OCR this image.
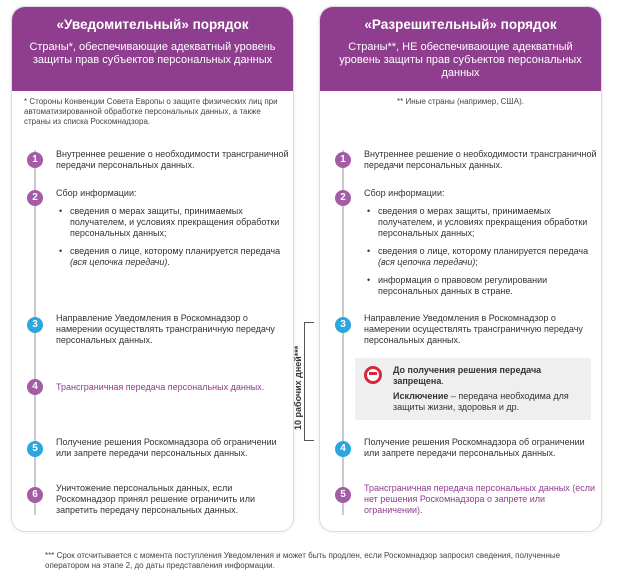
«Уведомительный» порядок
Страны*, обеспечивающие адекватный уровень защиты прав субъектов персональных данных
* Стороны Конвенции Совета Европы о защите физических лиц при автоматизированной обработке персональных данных, а также страны из списка Роскомнадзора.
1	Внутреннее решение о необходимости трансграничной передачи персональных данных.
2	Сбор информации:
• сведения о мерах защиты, принимаемых получателем, и условиях прекращения обработки персональных данных;
• сведения о лице, которому планируется передача (вся цепочка передачи).
3
Направление Уведомления в Роскомнадзор о намерении осуществлять трансграничную передачу персональных данных.
4	Трансграничная передача персональных данных.
5
Получение решения Роскомнадзора об ограничении или запрете передачи персональных данных.
6
Уничтожение персональных данных, если Роскомнадзор принял решение ограничить или запретить передачу персональных данных.
«Разрешительный» порядок
Страны**, НЕ обеспечивающие адекватный уровень защиты прав субъектов персональных данных
** Иные страны (например, США).
1	Внутреннее решение о необходимости трансграничной передачи персональных данных.
2	Сбор информации:
• сведения о мерах защиты, принимаемых получателем, и условиях прекращения обработки персональных данных;
• сведения о лице, которому планируется передача (вся цепочка передачи);
• информация о правовом регулировании персональных данных в стране.
3
Направление Уведомления в Роскомнадзор о намерении осуществлять трансграничную передачу персональных данных.
4
Получение решения Роскомнадзора об ограничении или запрете передачи персональных данных.
5
Трансграничная передача персональных данных (если нет решения Роскомнадзора о запрете или ограничении).
До получения решения передача запрещена.
Исключение – передача необходима для защиты жизни, здоровья и др.
10 рабочих дней***
*** Срок отсчитывается с момента поступления Уведомления и может быть продлен, если Роскомнадзор запросил сведения, полученные оператором на этапе 2, до даты представления информации.
